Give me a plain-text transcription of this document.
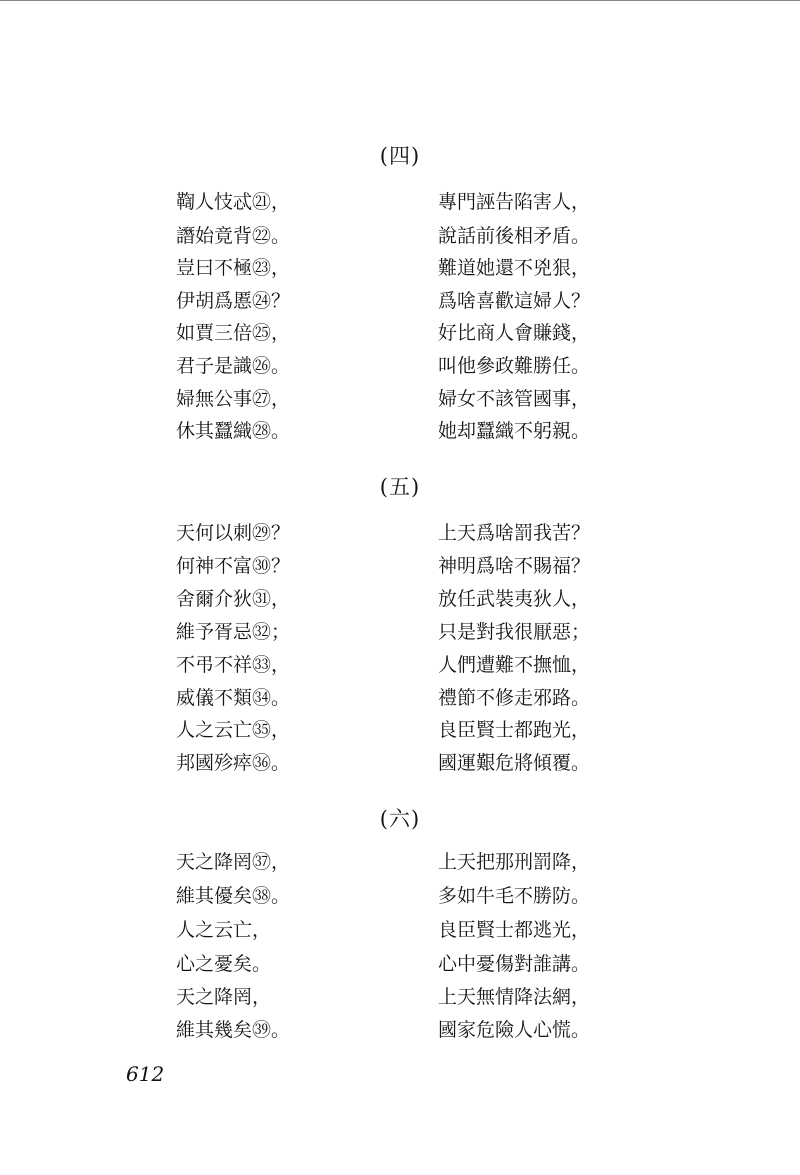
(四)
鞫人忮忒㉑，	專門誣告陷害人，
譖始竟背㉒。	說話前後相矛盾。
豈曰不極㉓，	難道她還不兇狠，
伊胡爲慝㉔？	爲啥喜歡這婦人？
如賈三倍㉕，	好比商人會賺錢，
君子是識㉖。	叫他參政難勝任。
婦無公事㉗，	婦女不該管國事，
休其蠶織㉘。	她却蠶織不躬親。
(五)
天何以刺㉙？	上天爲啥罰我苦？
何神不富㉚？	神明爲啥不賜福？
舍爾介狄㉛，	放任武裝夷狄人，
維予胥忌㉜；	只是對我很厭惡；
不弔不祥㉝，	人們遭難不撫恤，
威儀不類㉞。	禮節不修走邪路。
人之云亡㉟，	良臣賢士都跑光，
邦國殄瘁㊱。	國運艱危將傾覆。
(六)
天之降罔㊲，	上天把那刑罰降，
維其優矣㊳。	多如牛毛不勝防。
人之云亡，	良臣賢士都逃光，
心之憂矣。	心中憂傷對誰講。
天之降罔，	上天無情降法網，
維其幾矣㊴。	國家危險人心慌。
612
